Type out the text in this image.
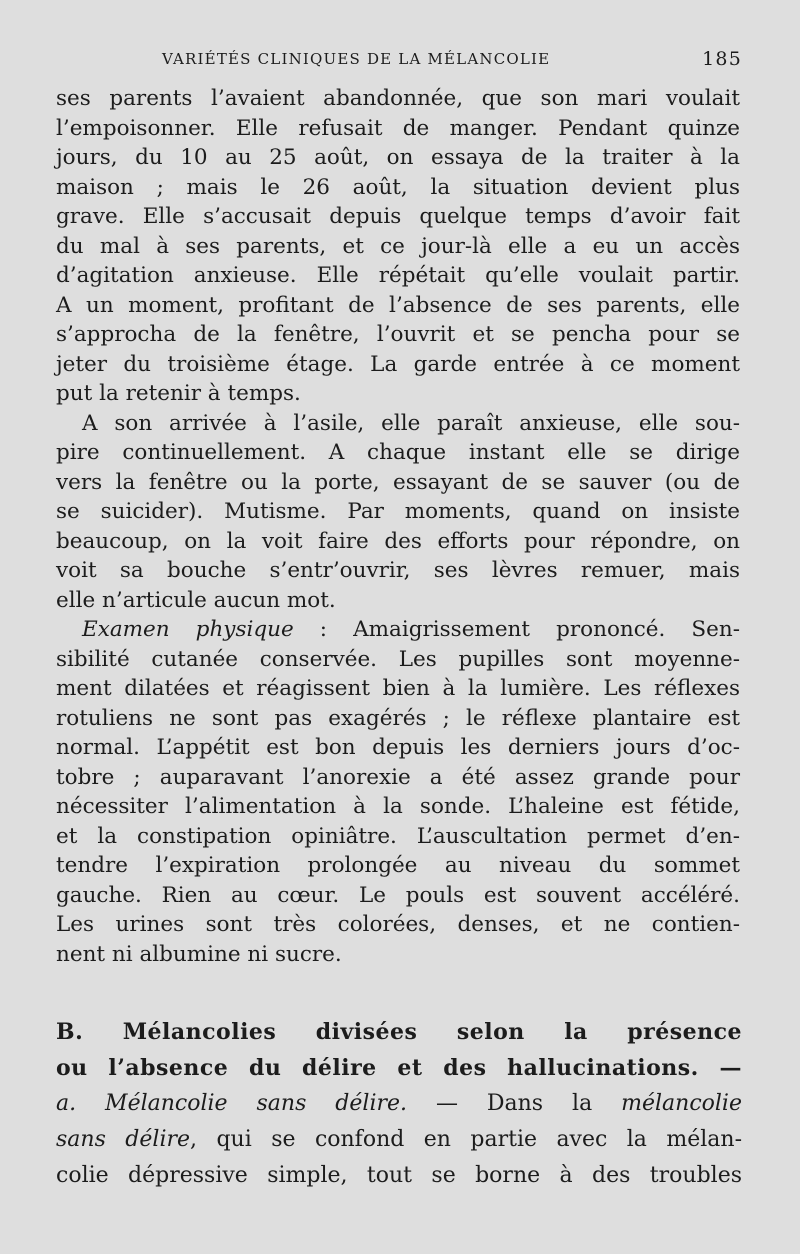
VARIÉTÉS CLINIQUES DE LA MÉLANCOLIE	185
ses parents l’avaient abandonnée, que son mari voulait
l’empoisonner. Elle refusait de manger. Pendant quinze
jours, du 10 au 25 août, on essaya de la traiter à la
maison ; mais le 26 août, la situation devient plus
grave. Elle s’accusait depuis quelque temps d’avoir fait
du mal à ses parents, et ce jour-là elle a eu un accès
d’agitation anxieuse. Elle répétait qu’elle voulait partir.
A un moment, profitant de l’absence de ses parents, elle
s’approcha de la fenêtre, l’ouvrit et se pencha pour se
jeter du troisième étage. La garde entrée à ce moment
put la retenir à temps.
A son arrivée à l’asile, elle paraît anxieuse, elle sou-
pire continuellement. A chaque instant elle se dirige
vers la fenêtre ou la porte, essayant de se sauver (ou de
se suicider). Mutisme. Par moments, quand on insiste
beaucoup, on la voit faire des efforts pour répondre, on
voit sa bouche s’entr’ouvrir, ses lèvres remuer, mais
elle n’articule aucun mot.
Examen physique : Amaigrissement prononcé. Sen-
sibilité cutanée conservée. Les pupilles sont moyenne-
ment dilatées et réagissent bien à la lumière. Les réflexes
rotuliens ne sont pas exagérés ; le réflexe plantaire est
normal. L’appétit est bon depuis les derniers jours d’oc-
tobre ; auparavant l’anorexie a été assez grande pour
nécessiter l’alimentation à la sonde. L’haleine est fétide,
et la constipation opiniâtre. L’auscultation permet d’en-
tendre l’expiration prolongée au niveau du sommet
gauche. Rien au cœur. Le pouls est souvent accéléré.
Les urines sont très colorées, denses, et ne contien-
nent ni albumine ni sucre.
B. Mélancolies divisées selon la présence
ou l’absence du délire et des hallucinations. —
a. Mélancolie sans délire. — Dans la mélancolie
sans délire, qui se confond en partie avec la mélan-
colie dépressive simple, tout se borne à des troubles
